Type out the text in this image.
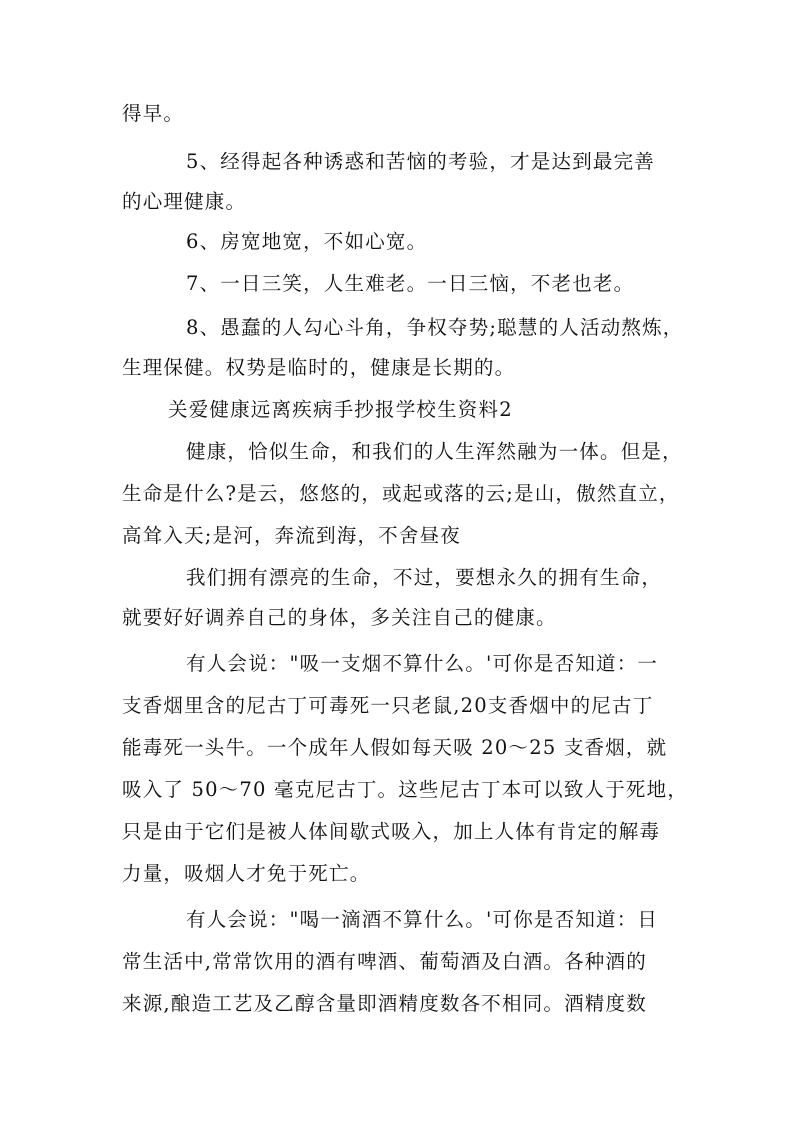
得早。
5、经得起各种诱惑和苦恼的考验，才是达到最完善
的心理健康。
6、房宽地宽，不如心宽。
7、一日三笑，人生难老。一日三恼，不老也老。
8、愚蠢的人勾心斗角，争权夺势;聪慧的人活动熬炼，
生理保健。权势是临时的，健康是长期的。
关爱健康远离疾病手抄报学校生资料2
健康，恰似生命，和我们的人生浑然融为一体。但是，
生命是什么?是云，悠悠的，或起或落的云;是山，傲然直立，
高耸入天;是河，奔流到海，不舍昼夜
我们拥有漂亮的生命，不过，要想永久的拥有生命，
就要好好调养自己的身体，多关注自己的健康。
有人会说："吸一支烟不算什么。'可你是否知道：一
支香烟里含的尼古丁可毒死一只老鼠,20支香烟中的尼古丁
能毒死一头牛。一个成年人假如每天吸 20～25 支香烟，就
吸入了 50～70 毫克尼古丁。这些尼古丁本可以致人于死地，
只是由于它们是被人体间歇式吸入，加上人体有肯定的解毒
力量，吸烟人才免于死亡。
有人会说："喝一滴酒不算什么。'可你是否知道：日
常生活中,常常饮用的酒有啤酒、葡萄酒及白酒。各种酒的
来源,酿造工艺及乙醇含量即酒精度数各不相同。酒精度数
